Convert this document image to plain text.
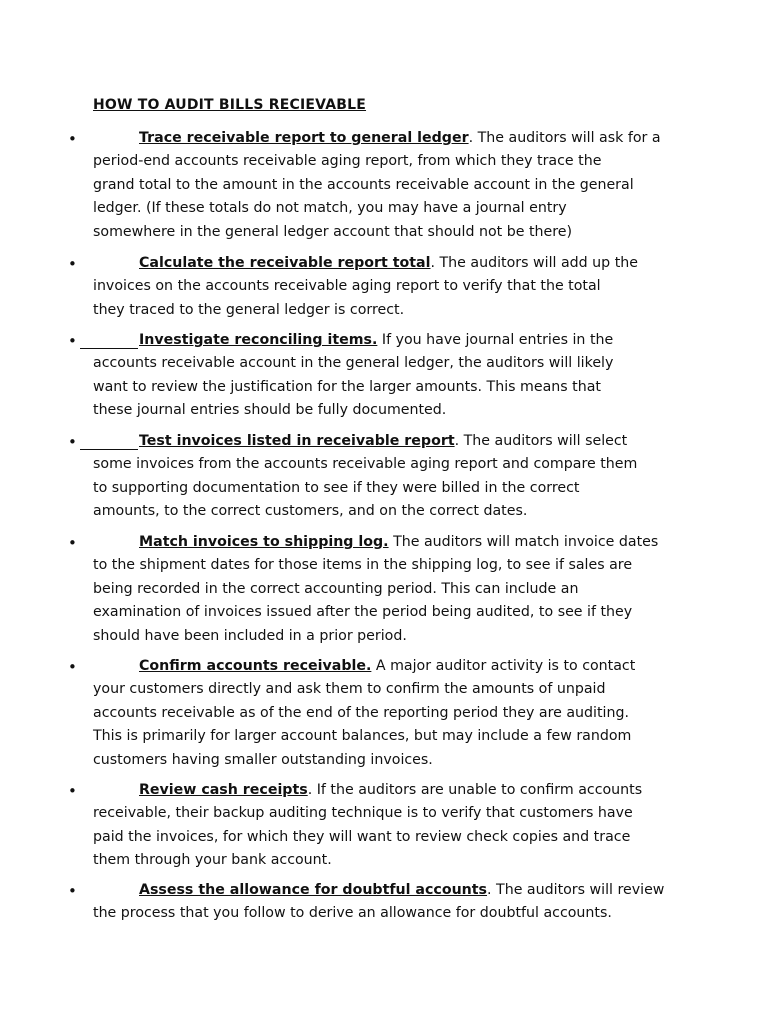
HOW TO AUDIT BILLS RECIEVABLE
•	Trace receivable report to general ledger. The auditors will ask for a
period-end accounts receivable aging report, from which they trace the
grand total to the amount in the accounts receivable account in the general
ledger. (If these totals do not match, you may have a journal entry
somewhere in the general ledger account that should not be there)
•	Calculate the receivable report total. The auditors will add up the
invoices on the accounts receivable aging report to verify that the total
they traced to the general ledger is correct.
•	Investigate reconciling items. If you have journal entries in the
accounts receivable account in the general ledger, the auditors will likely
want to review the justification for the larger amounts. This means that
these journal entries should be fully documented.
•	Test invoices listed in receivable report. The auditors will select
some invoices from the accounts receivable aging report and compare them
to supporting documentation to see if they were billed in the correct
amounts, to the correct customers, and on the correct dates.
•	Match invoices to shipping log. The auditors will match invoice dates
to the shipment dates for those items in the shipping log, to see if sales are
being recorded in the correct accounting period. This can include an
examination of invoices issued after the period being audited, to see if they
should have been included in a prior period.
•	Confirm accounts receivable. A major auditor activity is to contact
your customers directly and ask them to confirm the amounts of unpaid
accounts receivable as of the end of the reporting period they are auditing.
This is primarily for larger account balances, but may include a few random
customers having smaller outstanding invoices.
•	Review cash receipts. If the auditors are unable to confirm accounts
receivable, their backup auditing technique is to verify that customers have
paid the invoices, for which they will want to review check copies and trace
them through your bank account.
•	Assess the allowance for doubtful accounts. The auditors will review
the process that you follow to derive an allowance for doubtful accounts.
